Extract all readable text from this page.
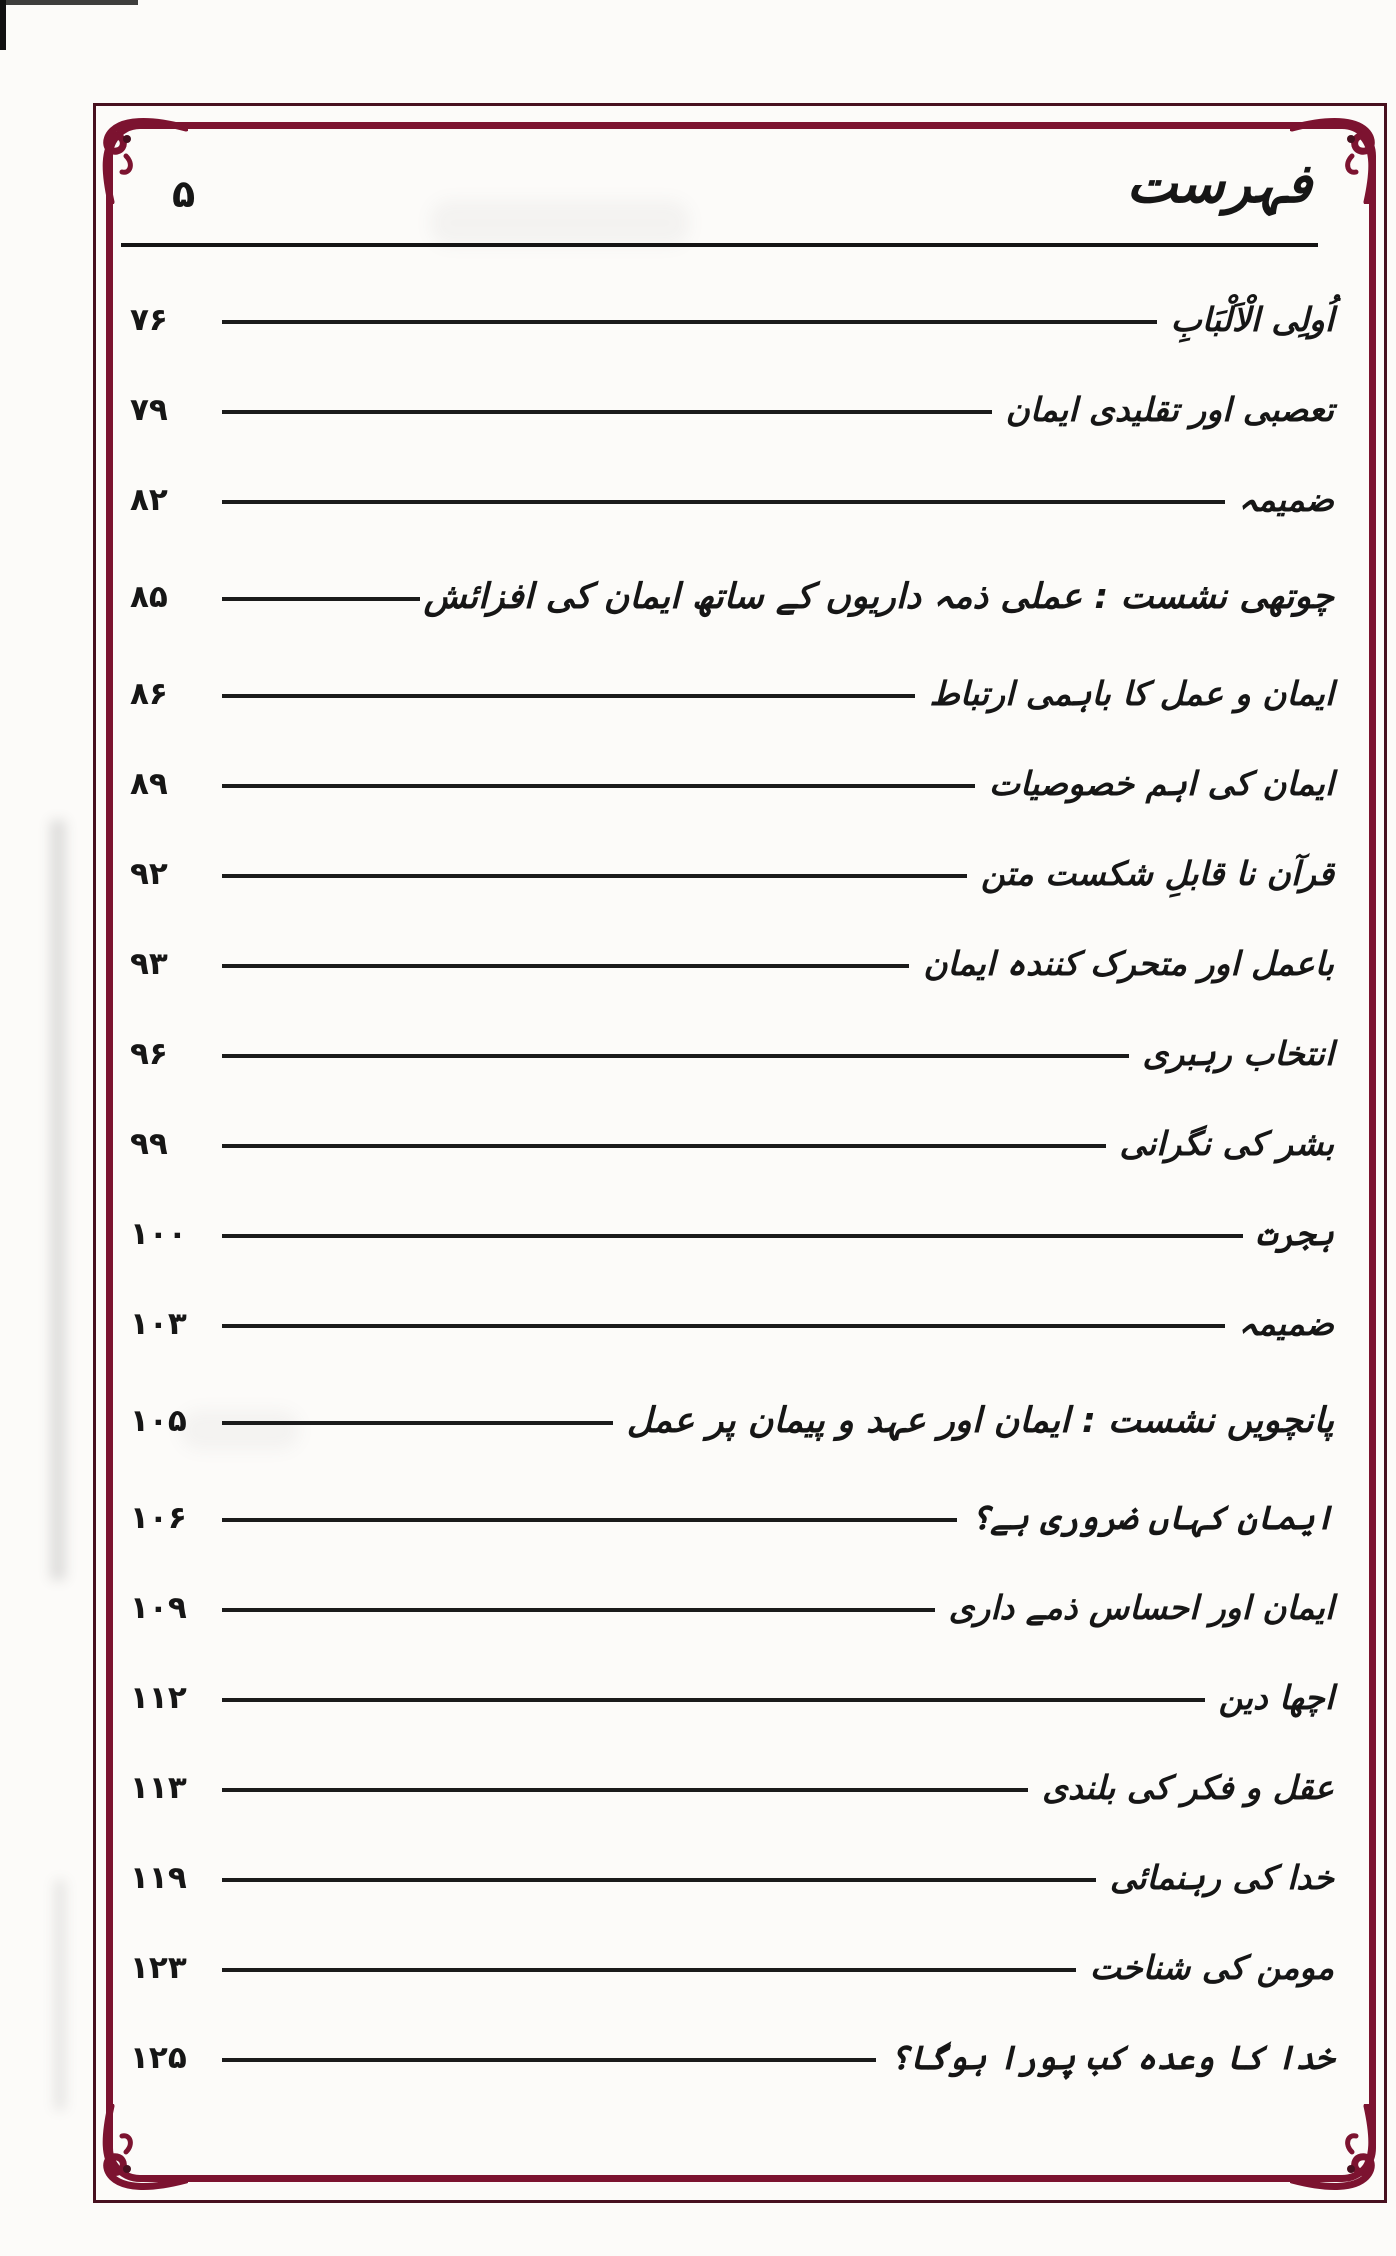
۵	فہرست
اُولِی الْاَلْبَابِ
۷۶
تعصبی اور تقلیدی ایمان
۷۹
ضمیمہ
۸۲
چوتھی نشست : عملی ذمہ داریوں کے ساتھ ایمان کی افزائش
۸۵
ایمان و عمل کا باہمی ارتباط
۸۶
ایمان کی اہم خصوصیات
۸۹
قرآن نا قابلِ شکست متن
۹۲
باعمل اور متحرک کنندہ ایمان
۹۳
انتخاب رہبری
۹۶
بشر کی نگرانی
۹۹
ہجرت
۱۰۰
ضمیمہ
۱۰۳
پانچویں نشست : ایمان اور عہد و پیمان پر عمل
۱۰۵
ایمان کہاں ضروری ہے؟
۱۰۶
ایمان اور احساس ذمے داری
۱۰۹
اچھا دین
۱۱۲
عقل و فکر کی بلندی
۱۱۳
خدا کی رہنمائی
۱۱۹
مومن کی شناخت
۱۲۳
خدا کا وعدہ کب پورا ہوگا؟
۱۲۵
